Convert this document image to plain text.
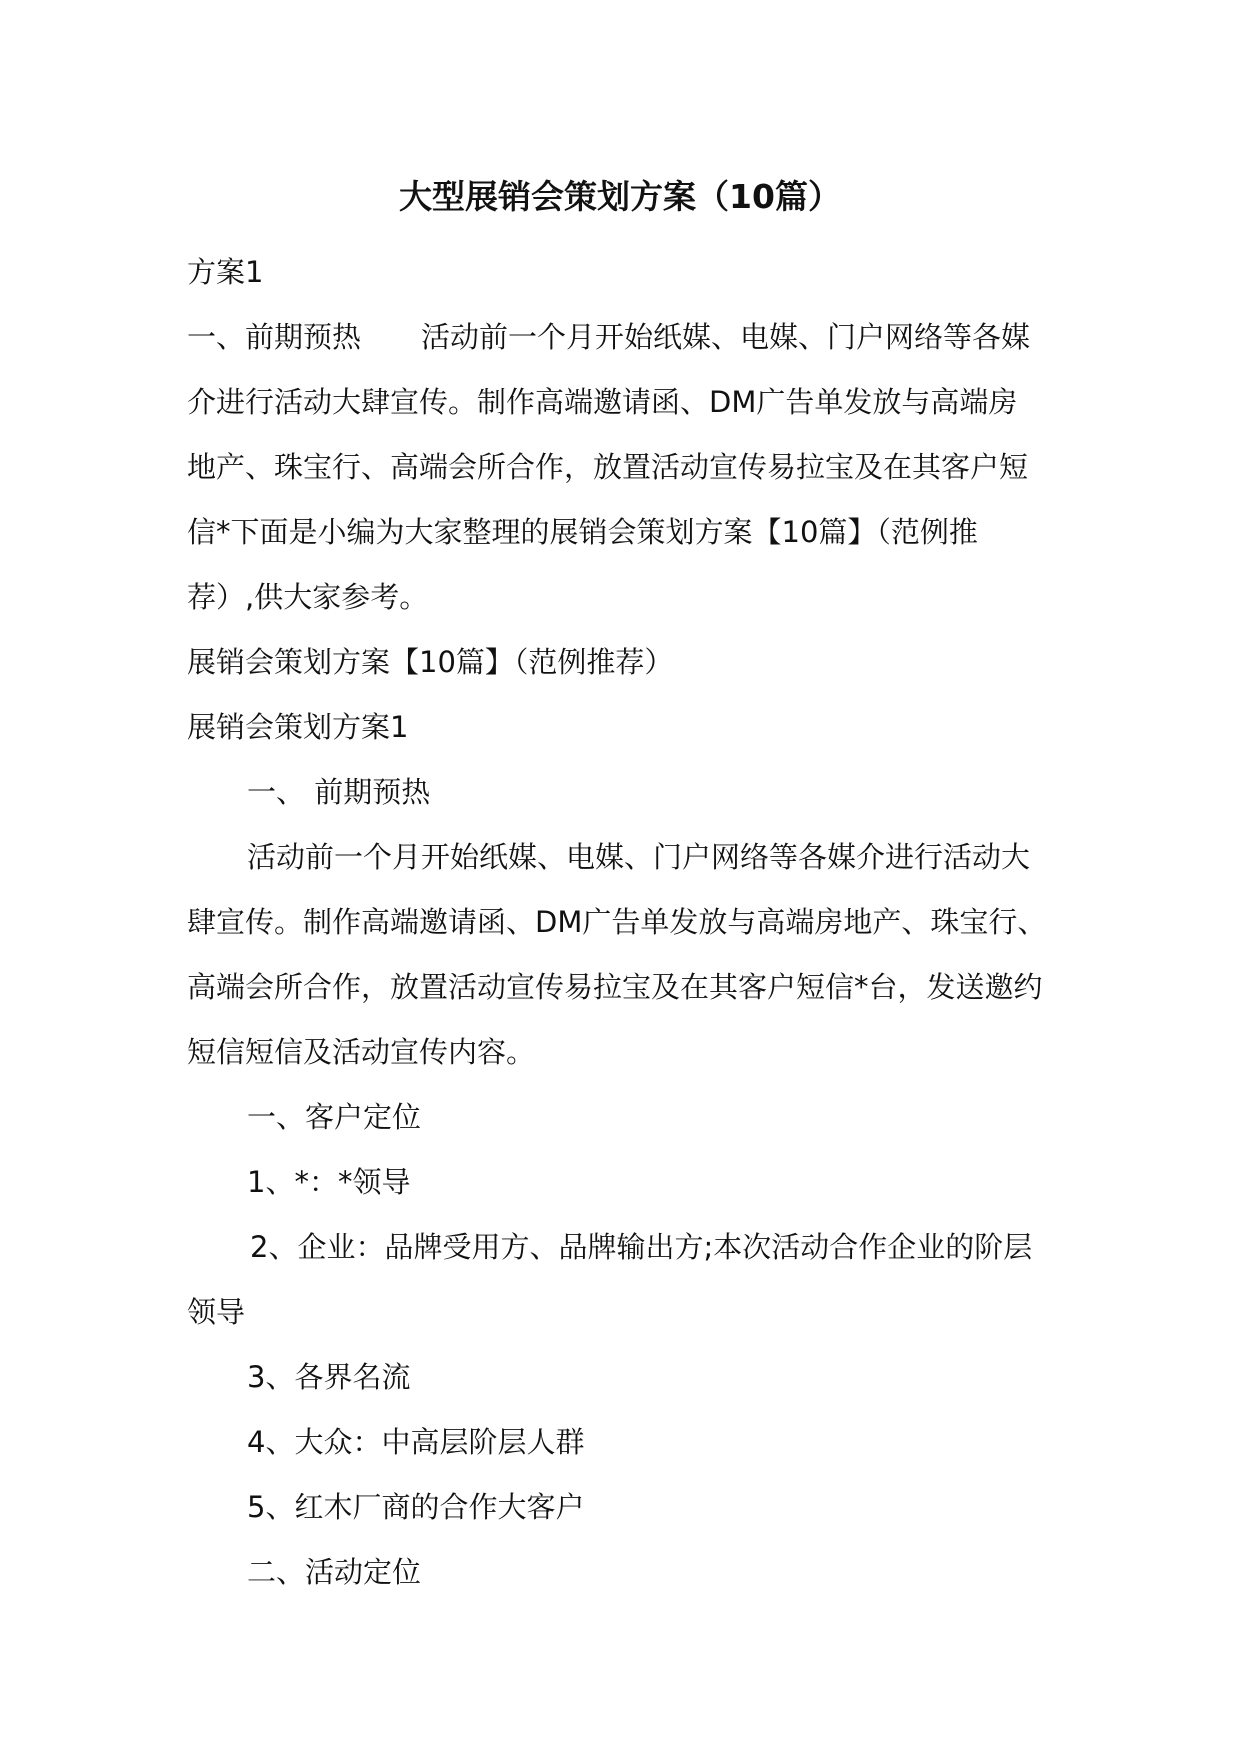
大型展销会策划方案（10篇）
方案1
一、前期预热 活动前一个月开始纸媒、电媒、门户网络等各媒
介进行活动大肆宣传。制作高端邀请函、DM广告单发放与高端房
地产、珠宝行、高端会所合作，放置活动宣传易拉宝及在其客户短
信*下面是小编为大家整理的展销会策划方案【10篇】（范例推
荐）,供大家参考。
展销会策划方案【10篇】（范例推荐）
展销会策划方案1
一、 前期预热
活动前一个月开始纸媒、电媒、门户网络等各媒介进行活动大
肆宣传。制作高端邀请函、DM广告单发放与高端房地产、珠宝行、
高端会所合作，放置活动宣传易拉宝及在其客户短信*台，发送邀约
短信短信及活动宣传内容。
一、客户定位
1、*：*领导
2、企业：品牌受用方、品牌输出方;本次活动合作企业的阶层
领导
3、各界名流
4、大众：中高层阶层人群
5、红木厂商的合作大客户
二、活动定位
